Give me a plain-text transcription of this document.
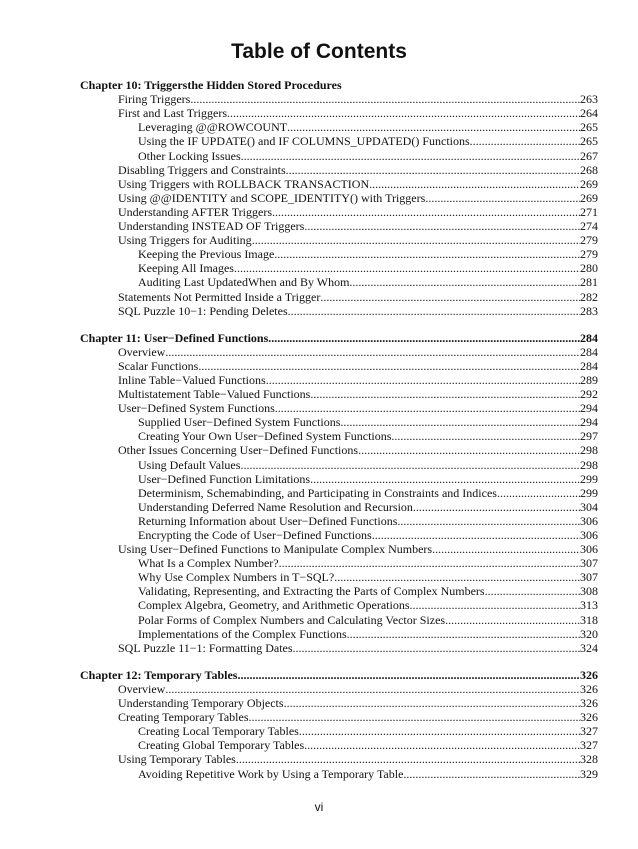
Table of Contents
Chapter 10: Triggersthe Hidden Stored Procedures
Firing Triggers .....	263
First and Last Triggers .....	264
Leveraging @@ROWCOUNT .....	265
Using the IF UPDATE() and IF COLUMNS_UPDATED() Functions .....	265
Other Locking Issues .....	267
Disabling Triggers and Constraints .....	268
Using Triggers with ROLLBACK TRANSACTION .....	269
Using @@IDENTITY and SCOPE_IDENTITY() with Triggers .....	269
Understanding AFTER Triggers .....	271
Understanding INSTEAD OF Triggers .....	274
Using Triggers for Auditing .....	279
Keeping the Previous Image .....	279
Keeping All Images .....	280
Auditing Last UpdatedWhen and By Whom .....	281
Statements Not Permitted Inside a Trigger .....	282
SQL Puzzle 10−1: Pending Deletes .....	283
Chapter 11: User−Defined Functions .....	284
Overview .....	284
Scalar Functions .....	284
Inline Table−Valued Functions .....	289
Multistatement Table−Valued Functions .....	292
User−Defined System Functions .....	294
Supplied User−Defined System Functions .....	294
Creating Your Own User−Defined System Functions .....	297
Other Issues Concerning User−Defined Functions .....	298
Using Default Values .....	298
User−Defined Function Limitations .....	299
Determinism, Schemabinding, and Participating in Constraints and Indices .....	299
Understanding Deferred Name Resolution and Recursion .....	304
Returning Information about User−Defined Functions .....	306
Encrypting the Code of User−Defined Functions .....	306
Using User−Defined Functions to Manipulate Complex Numbers .....	306
What Is a Complex Number? .....	307
Why Use Complex Numbers in T−SQL? .....	307
Validating, Representing, and Extracting the Parts of Complex Numbers .....	308
Complex Algebra, Geometry, and Arithmetic Operations .....	313
Polar Forms of Complex Numbers and Calculating Vector Sizes .....	318
Implementations of the Complex Functions .....	320
SQL Puzzle 11−1: Formatting Dates .....	324
Chapter 12: Temporary Tables .....	326
Overview .....	326
Understanding Temporary Objects .....	326
Creating Temporary Tables .....	326
Creating Local Temporary Tables .....	327
Creating Global Temporary Tables .....	327
Using Temporary Tables .....	328
Avoiding Repetitive Work by Using a Temporary Table .....	329
vi
